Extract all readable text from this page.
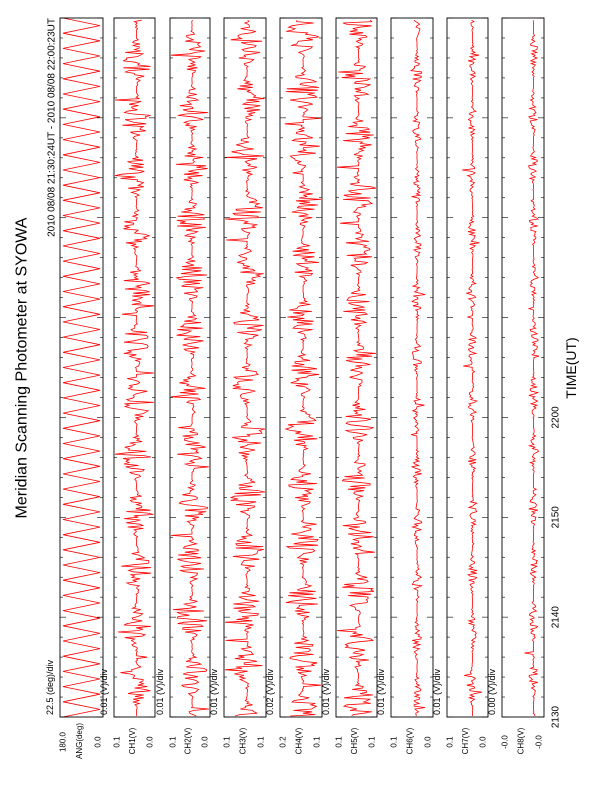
180.0	0.0
ANG(deg)
22.5 (deg)/div
0.1	0.0
CH1(V)
0.01 (V)/div
0.1	0.0
CH2(V)
0.01 (V)/div
0.1	0.1
CH3(V)
0.01 (V)/div
0.2	0.1
CH4(V)
0.02 (V)/div
0.1	0.1
CH5(V)
0.01 (V)/div
0.1	0.0
CH6(V)
0.01 (V)/div
0.1	0.0
CH7(V)
0.01 (V)/div
-0.0	-0.0
CH8(V)
0.00 (V)/div
2130
2140
2150
2200
TIME(UT)
Meridian Scanning Photometer at SYOWA
2010 08/08 21:30:24UT - 2010 08/08 22:00:23UT
